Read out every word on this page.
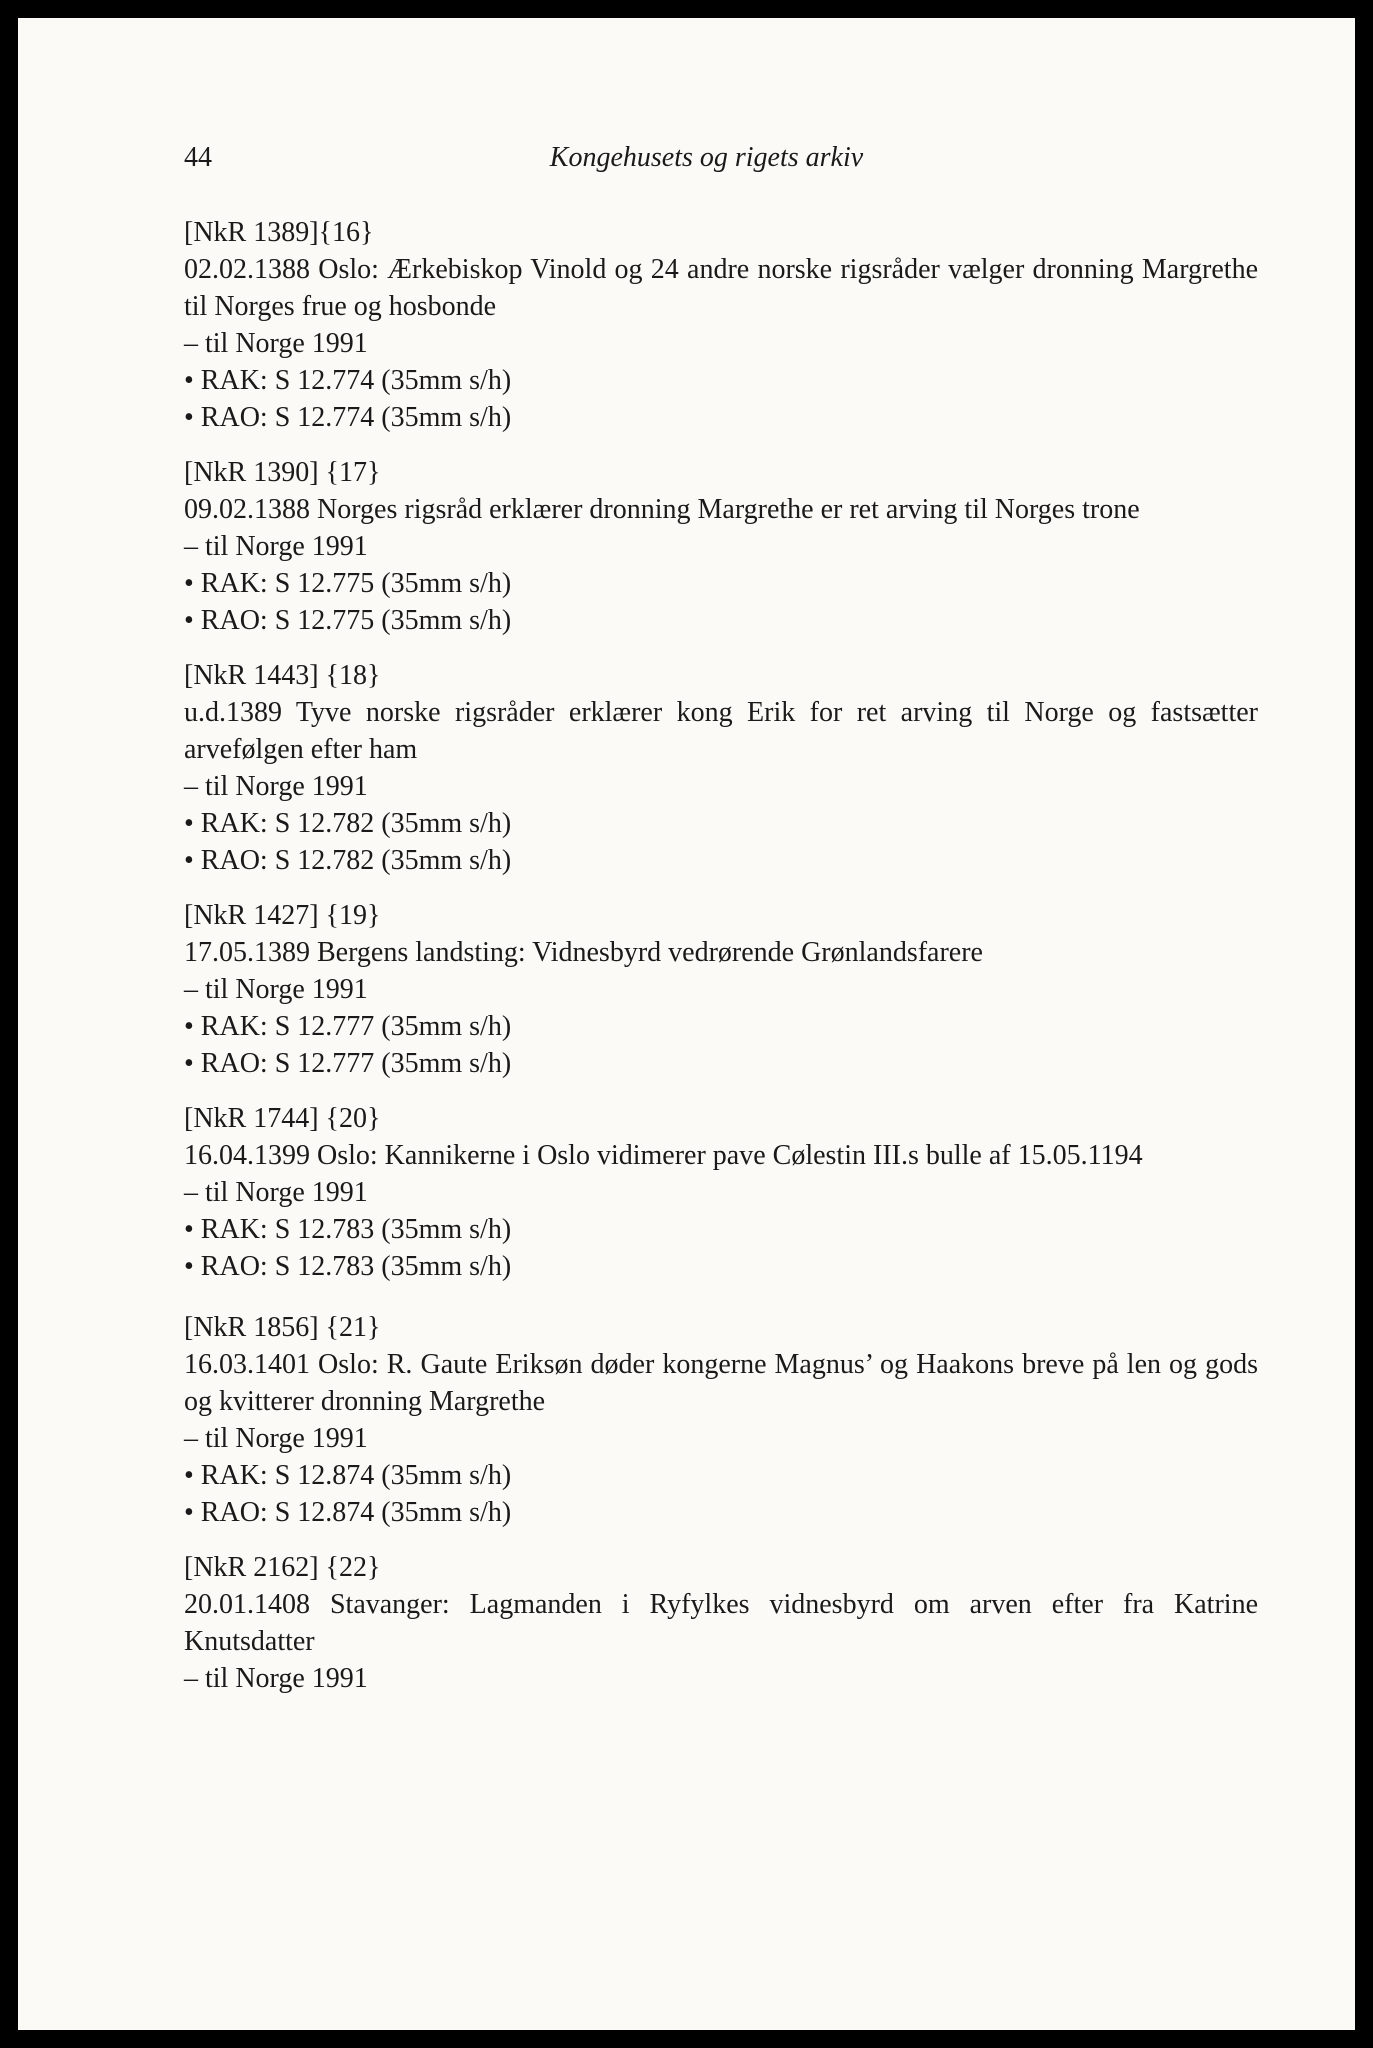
44	Kongehusets og rigets arkiv
[NkR 1389]{16}
02.02.1388 Oslo: Ærkebiskop Vinold og 24 andre norske rigsråder vælger dronning Margrethe til Norges frue og hosbonde
– til Norge 1991
• RAK: S 12.774 (35mm s/h)
• RAO: S 12.774 (35mm s/h)
[NkR 1390] {17}
09.02.1388 Norges rigsråd erklærer dronning Margrethe er ret arving til Norges trone
– til Norge 1991
• RAK: S 12.775 (35mm s/h)
• RAO: S 12.775 (35mm s/h)
[NkR 1443] {18}
u.d.1389 Tyve norske rigsråder erklærer kong Erik for ret arving til Norge og fastsætter arvefølgen efter ham
– til Norge 1991
• RAK: S 12.782 (35mm s/h)
• RAO: S 12.782 (35mm s/h)
[NkR 1427] {19}
17.05.1389 Bergens landsting: Vidnesbyrd vedrørende Grønlandsfarere
– til Norge 1991
• RAK: S 12.777 (35mm s/h)
• RAO: S 12.777 (35mm s/h)
[NkR 1744] {20}
16.04.1399 Oslo: Kannikerne i Oslo vidimerer pave Cølestin III.s bulle af 15.05.1194
– til Norge 1991
• RAK: S 12.783 (35mm s/h)
• RAO: S 12.783 (35mm s/h)
[NkR 1856] {21}
16.03.1401 Oslo: R. Gaute Eriksøn døder kongerne Magnus’ og Haakons breve på len og gods og kvitterer dronning Margrethe
– til Norge 1991
• RAK: S 12.874 (35mm s/h)
• RAO: S 12.874 (35mm s/h)
[NkR 2162] {22}
20.01.1408 Stavanger: Lagmanden i Ryfylkes vidnesbyrd om arven efter fra Katrine Knutsdatter
– til Norge 1991
